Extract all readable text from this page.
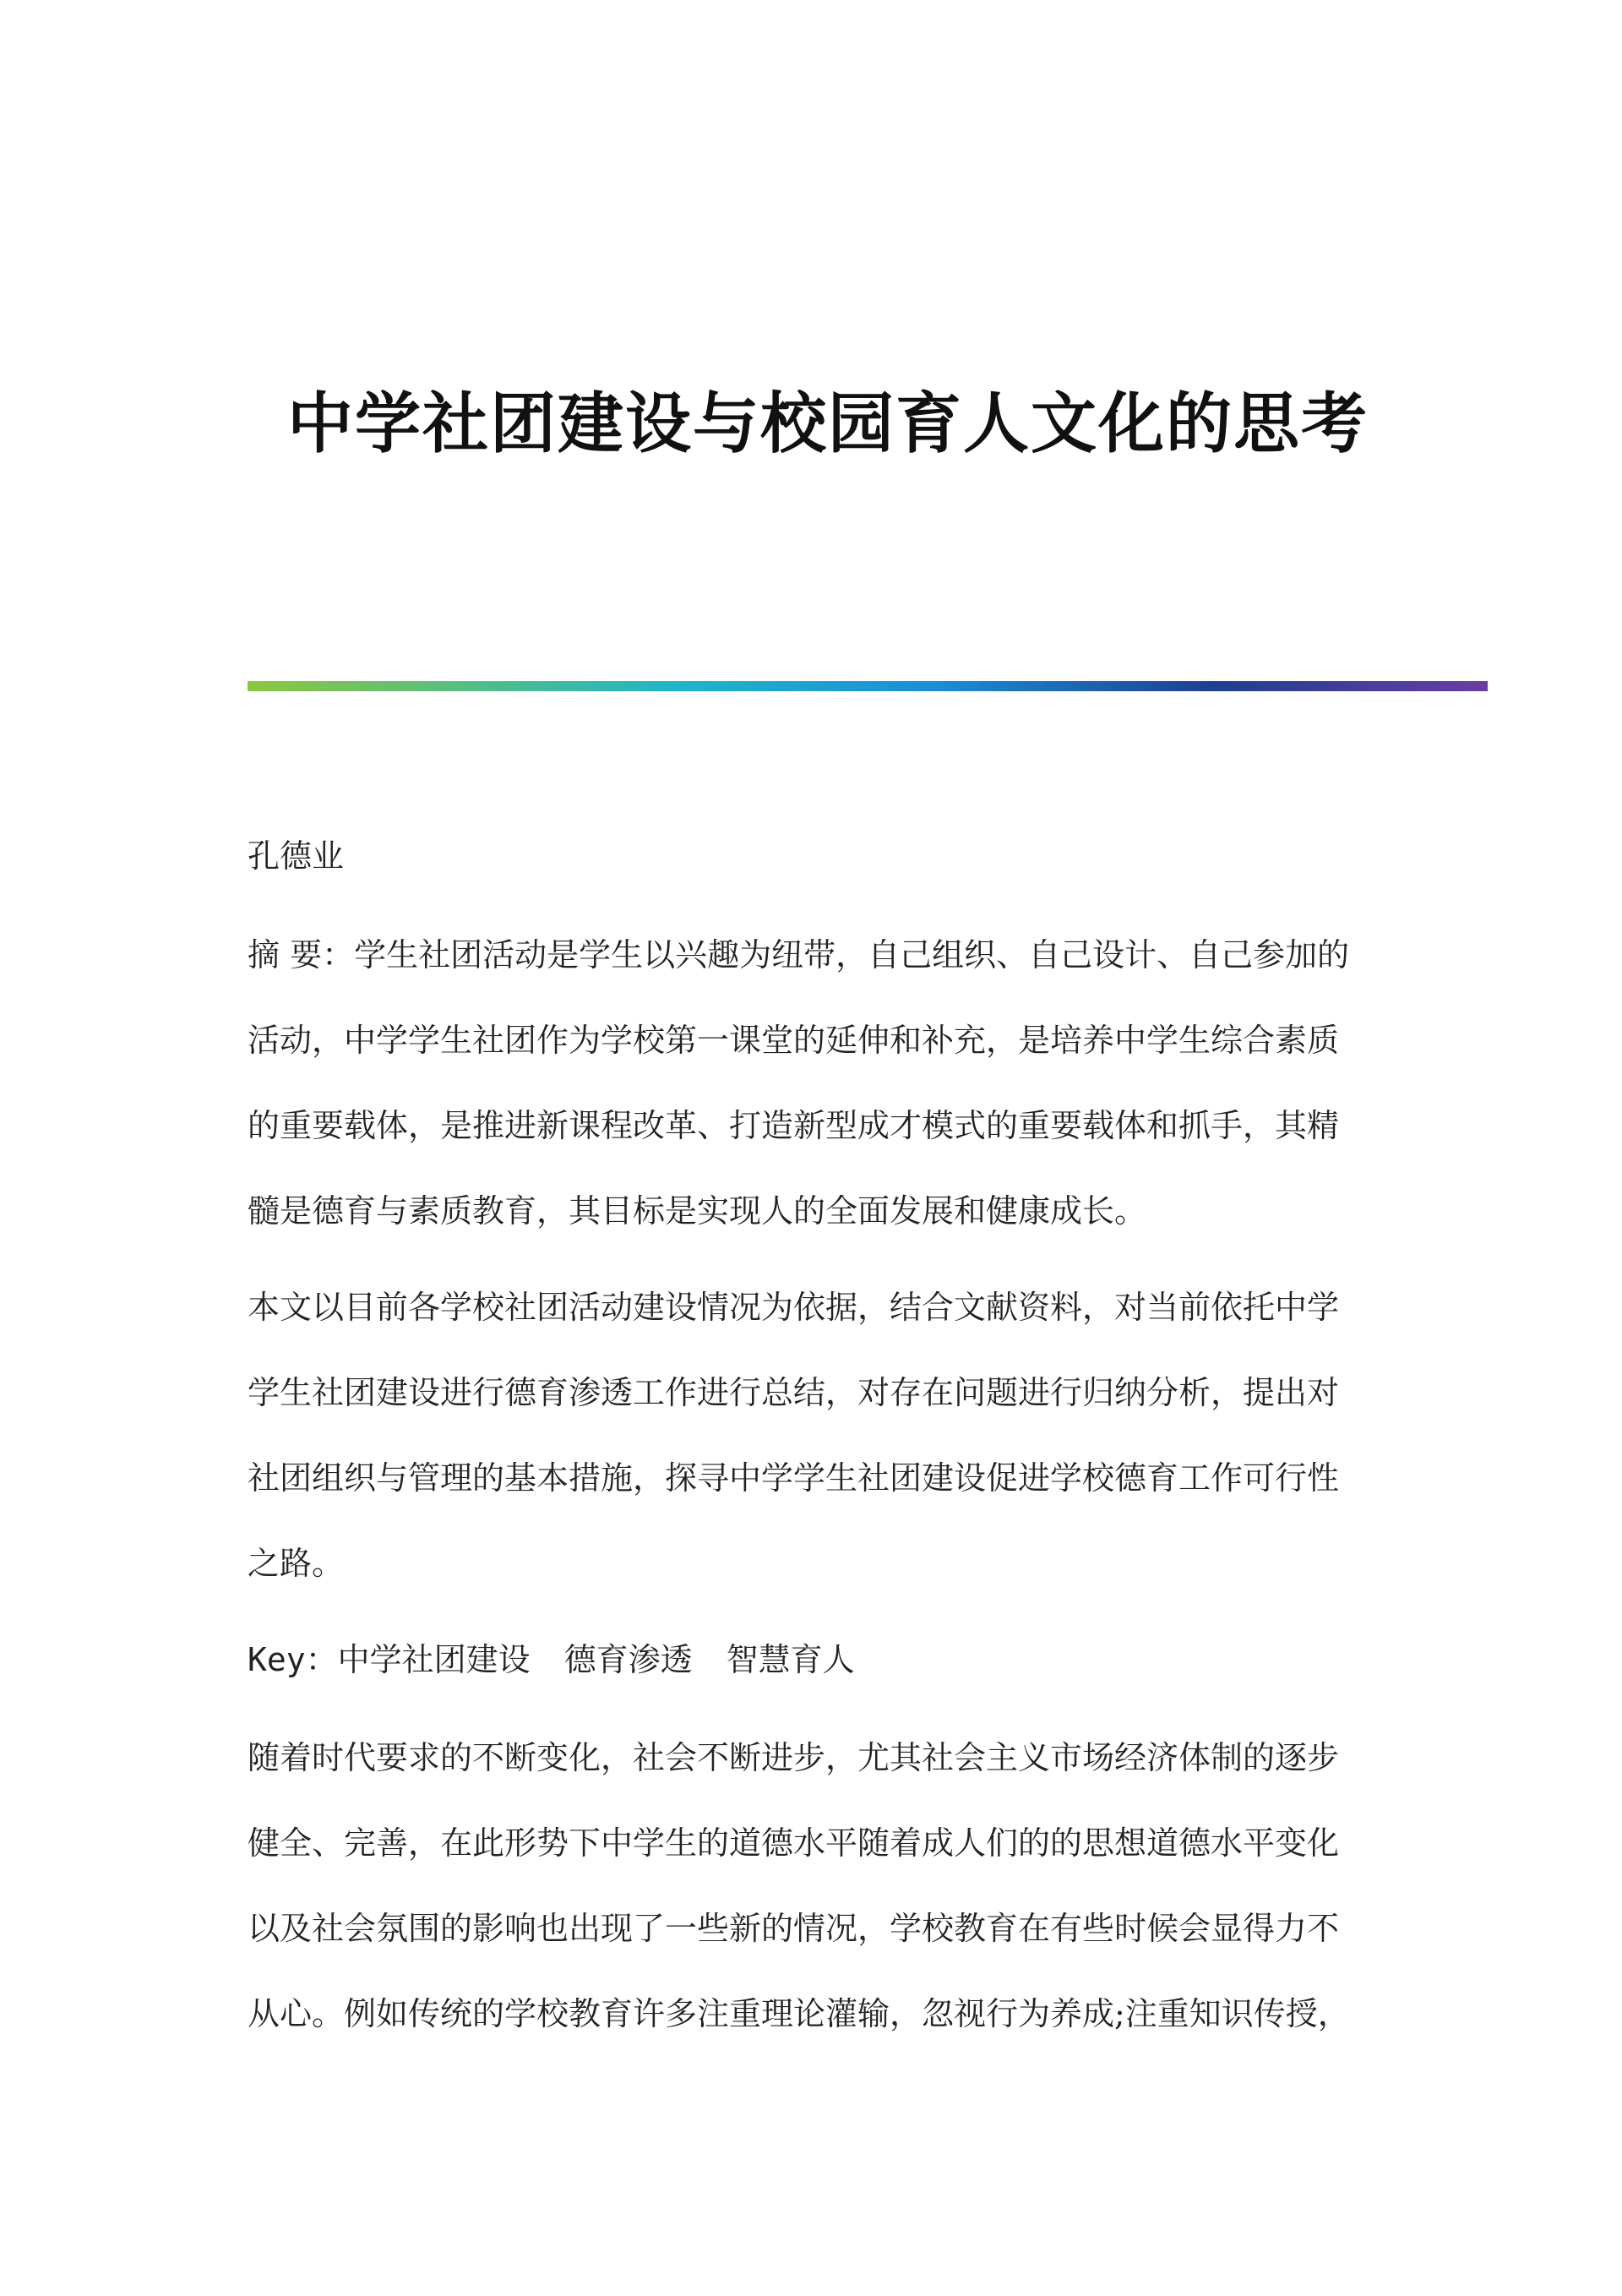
中学社团建设与校园育人文化的思考
孔德业
摘 要：学生社团活动是学生以兴趣为纽带，自己组织、自己设计、自己参加的
活动，中学学生社团作为学校第一课堂的延伸和补充，是培养中学生综合素质
的重要载体，是推进新课程改革、打造新型成才模式的重要载体和抓手，其精
髓是德育与素质教育，其目标是实现人的全面发展和健康成长。
本文以目前各学校社团活动建设情况为依据，结合文献资料，对当前依托中学
学生社团建设进行德育渗透工作进行总结，对存在问题进行归纳分析，提出对
社团组织与管理的基本措施，探寻中学学生社团建设促进学校德育工作可行性
之路。
Key：中学社团建设 德育渗透 智慧育人
随着时代要求的不断变化，社会不断进步，尤其社会主义市场经济体制的逐步
健全、完善，在此形势下中学生的道德水平随着成人们的的思想道德水平变化
以及社会氛围的影响也出现了一些新的情况，学校教育在有些时候会显得力不
从心。例如传统的学校教育许多注重理论灌输，忽视行为养成;注重知识传授，
